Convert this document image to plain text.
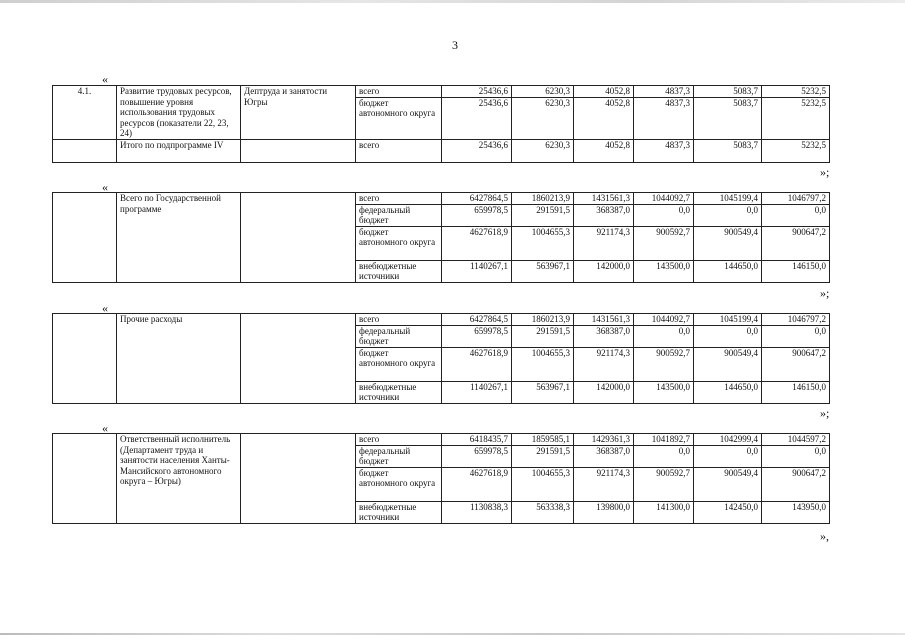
3
«
4.1.	Развитие трудовых ресурсов, повышение уровня использования трудовых ресурсов (показатели 22, 23, 24)	Дептруда и занятости Югры	всего	25436,6	6230,3	4052,8	4837,3	5083,7	5232,5
			бюджет автономного округа	25436,6	6230,3	4052,8	4837,3	5083,7	5232,5
	Итого по подпрограмме IV		всего	25436,6	6230,3	4052,8	4837,3	5083,7	5232,5
»;
«
	Всего по Государственной программе		всего	6427864,5	1860213,9	1431561,3	1044092,7	1045199,4	1046797,2
			федеральный бюджет	659978,5	291591,5	368387,0	0,0	0,0	0,0
			бюджет автономного округа	4627618,9	1004655,3	921174,3	900592,7	900549,4	900647,2
			внебюджетные источники	1140267,1	563967,1	142000,0	143500,0	144650,0	146150,0
»;
«
	Прочие расходы		всего	6427864,5	1860213,9	1431561,3	1044092,7	1045199,4	1046797,2
			федеральный бюджет	659978,5	291591,5	368387,0	0,0	0,0	0,0
			бюджет автономного округа	4627618,9	1004655,3	921174,3	900592,7	900549,4	900647,2
			внебюджетные источники	1140267,1	563967,1	142000,0	143500,0	144650,0	146150,0
»;
«
	Ответственный исполнитель (Департамент труда и занятости населения Ханты-Мансийского автономного округа – Югры)		всего	6418435,7	1859585,1	1429361,3	1041892,7	1042999,4	1044597,2
			федеральный бюджет	659978,5	291591,5	368387,0	0,0	0,0	0,0
			бюджет автономного округа	4627618,9	1004655,3	921174,3	900592,7	900549,4	900647,2
			внебюджетные источники	1130838,3	563338,3	139800,0	141300,0	142450,0	143950,0
»,
